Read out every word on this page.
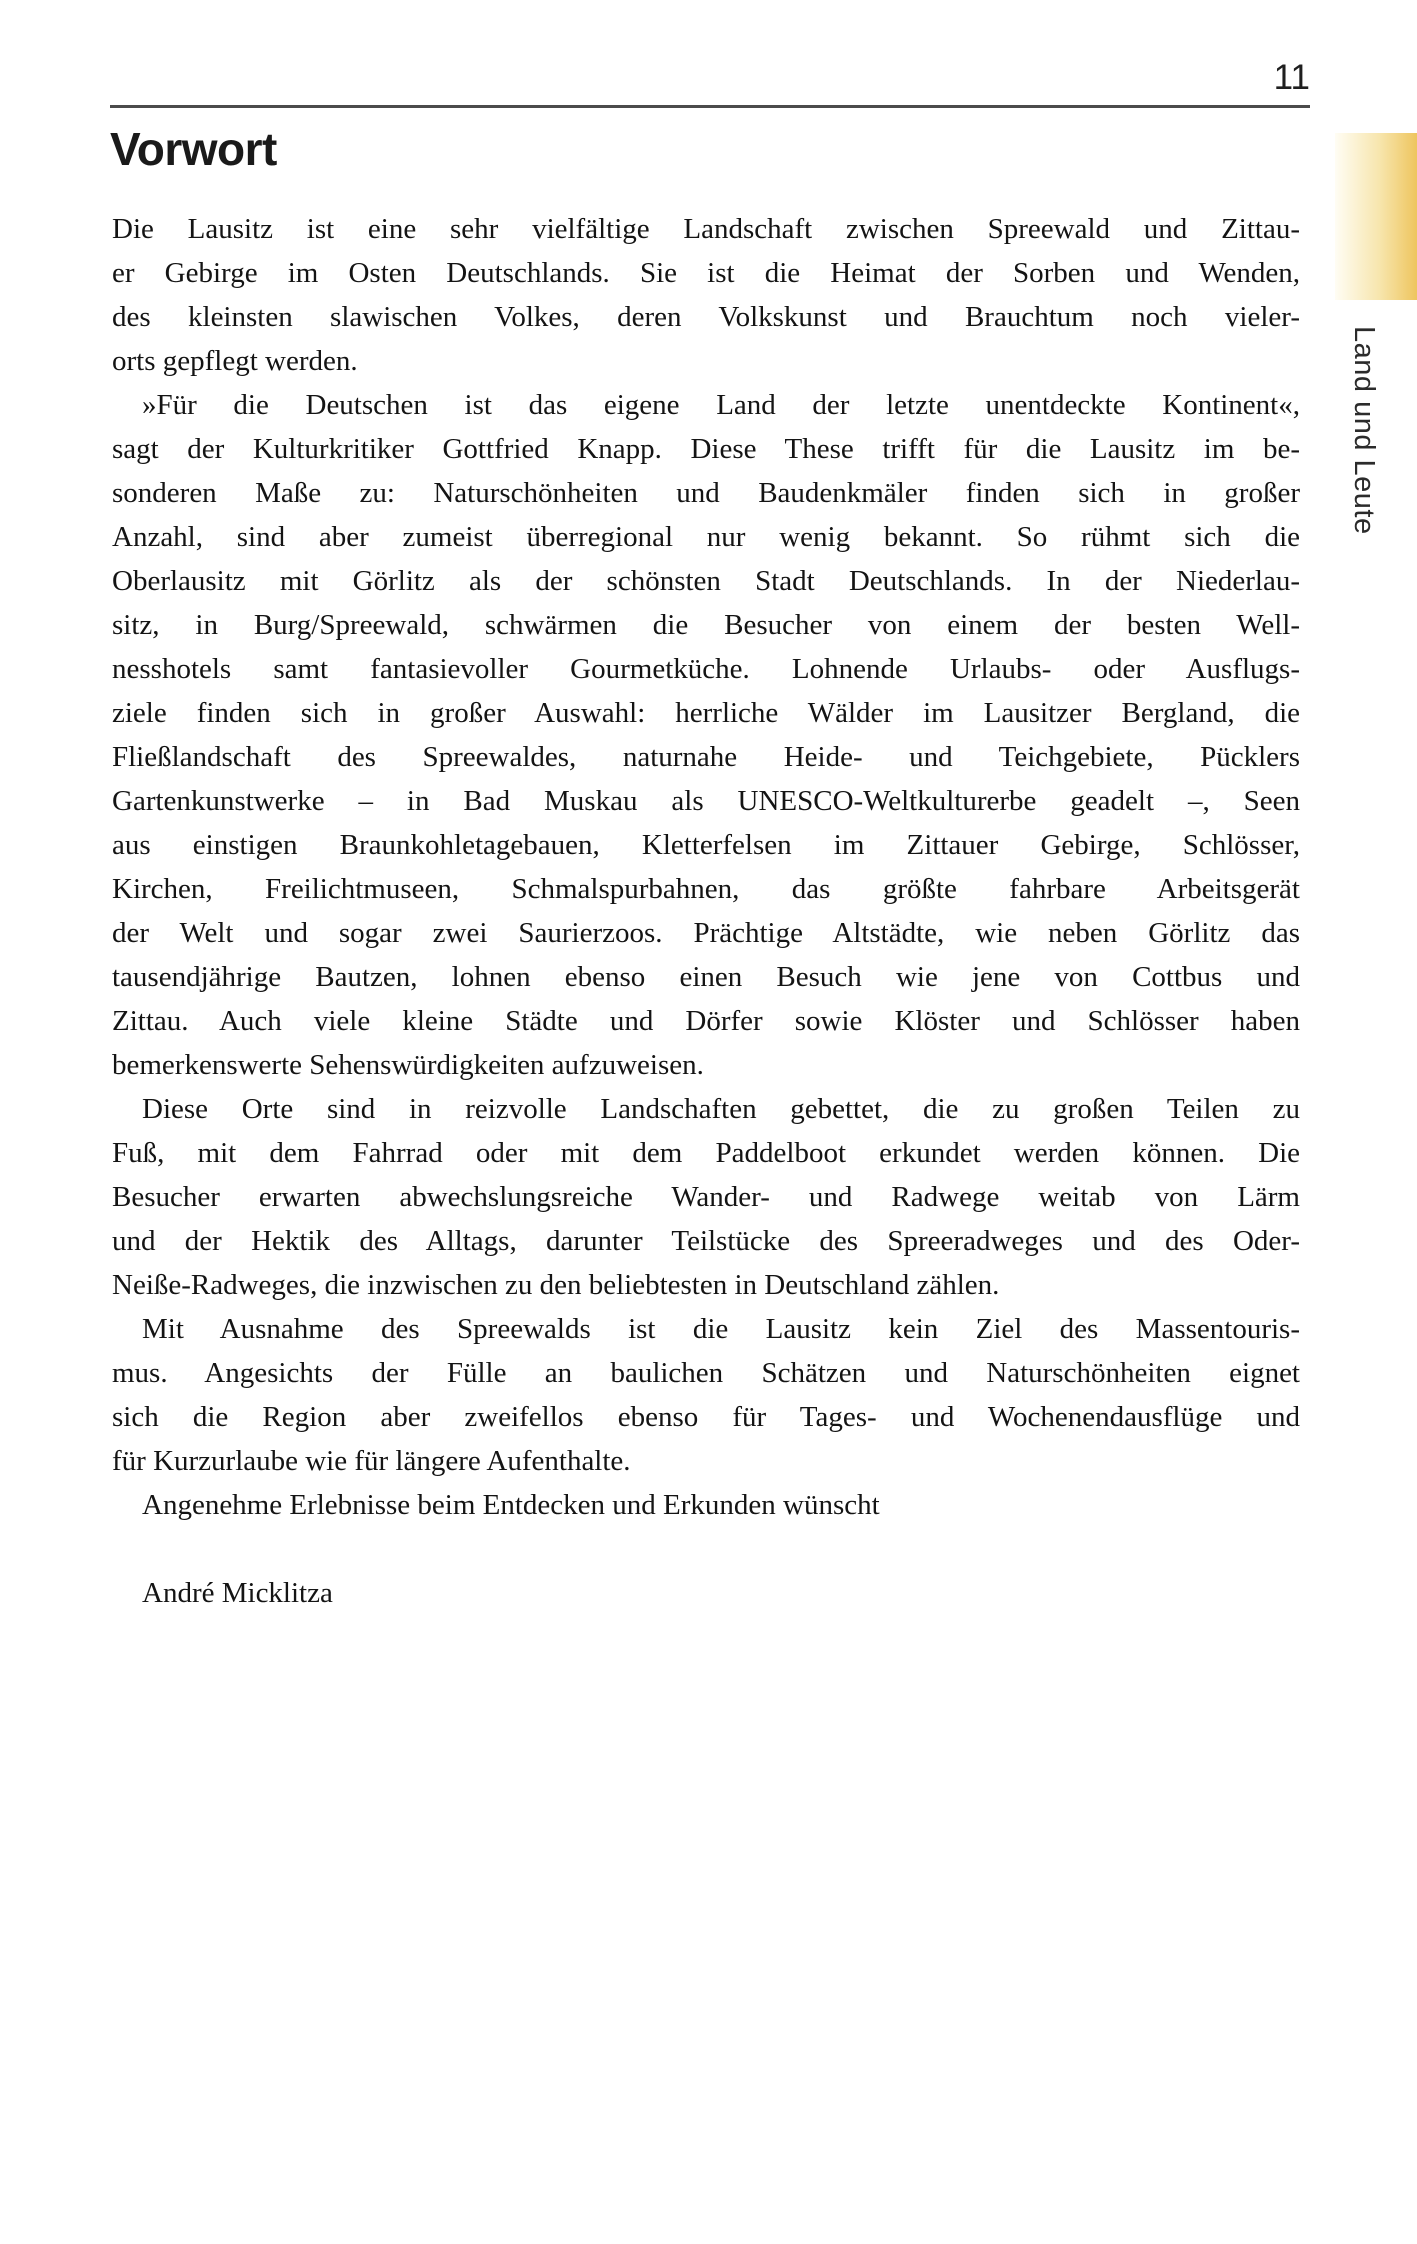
11
Vorwort
Die Lausitz ist eine sehr vielfältige Landschaft zwischen Spreewald und Zittau-
er Gebirge im Osten Deutschlands. Sie ist die Heimat der Sorben und Wenden,
des kleinsten slawischen Volkes, deren Volkskunst und Brauchtum noch vieler-
orts gepflegt werden.
»Für die Deutschen ist das eigene Land der letzte unentdeckte Kontinent«,
sagt der Kulturkritiker Gottfried Knapp. Diese These trifft für die Lausitz im be-
sonderen Maße zu: Naturschönheiten und Baudenkmäler finden sich in großer
Anzahl, sind aber zumeist überregional nur wenig bekannt. So rühmt sich die
Oberlausitz mit Görlitz als der schönsten Stadt Deutschlands. In der Niederlau-
sitz, in Burg/Spreewald, schwärmen die Besucher von einem der besten Well-
nesshotels samt fantasievoller Gourmetküche. Lohnende Urlaubs- oder Ausflugs-
ziele finden sich in großer Auswahl: herrliche Wälder im Lausitzer Bergland, die
Fließlandschaft des Spreewaldes, naturnahe Heide- und Teichgebiete, Pücklers
Gartenkunstwerke – in Bad Muskau als UNESCO-Weltkulturerbe geadelt –, Seen
aus einstigen Braunkohletagebauen, Kletterfelsen im Zittauer Gebirge, Schlösser,
Kirchen, Freilichtmuseen, Schmalspurbahnen, das größte fahrbare Arbeitsgerät
der Welt und sogar zwei Saurierzoos. Prächtige Altstädte, wie neben Görlitz das
tausendjährige Bautzen, lohnen ebenso einen Besuch wie jene von Cottbus und
Zittau. Auch viele kleine Städte und Dörfer sowie Klöster und Schlösser haben
bemerkenswerte Sehenswürdigkeiten aufzuweisen.
Diese Orte sind in reizvolle Landschaften gebettet, die zu großen Teilen zu
Fuß, mit dem Fahrrad oder mit dem Paddelboot erkundet werden können. Die
Besucher erwarten abwechslungsreiche Wander- und Radwege weitab von Lärm
und der Hektik des Alltags, darunter Teilstücke des Spreeradweges und des Oder-
Neiße-Radweges, die inzwischen zu den beliebtesten in Deutschland zählen.
Mit Ausnahme des Spreewalds ist die Lausitz kein Ziel des Massentouris-
mus. Angesichts der Fülle an baulichen Schätzen und Naturschönheiten eignet
sich die Region aber zweifellos ebenso für Tages- und Wochenendausflüge und
für Kurzurlaube wie für längere Aufenthalte.
Angenehme Erlebnisse beim Entdecken und Erkunden wünscht
André Micklitza
Land und Leute
